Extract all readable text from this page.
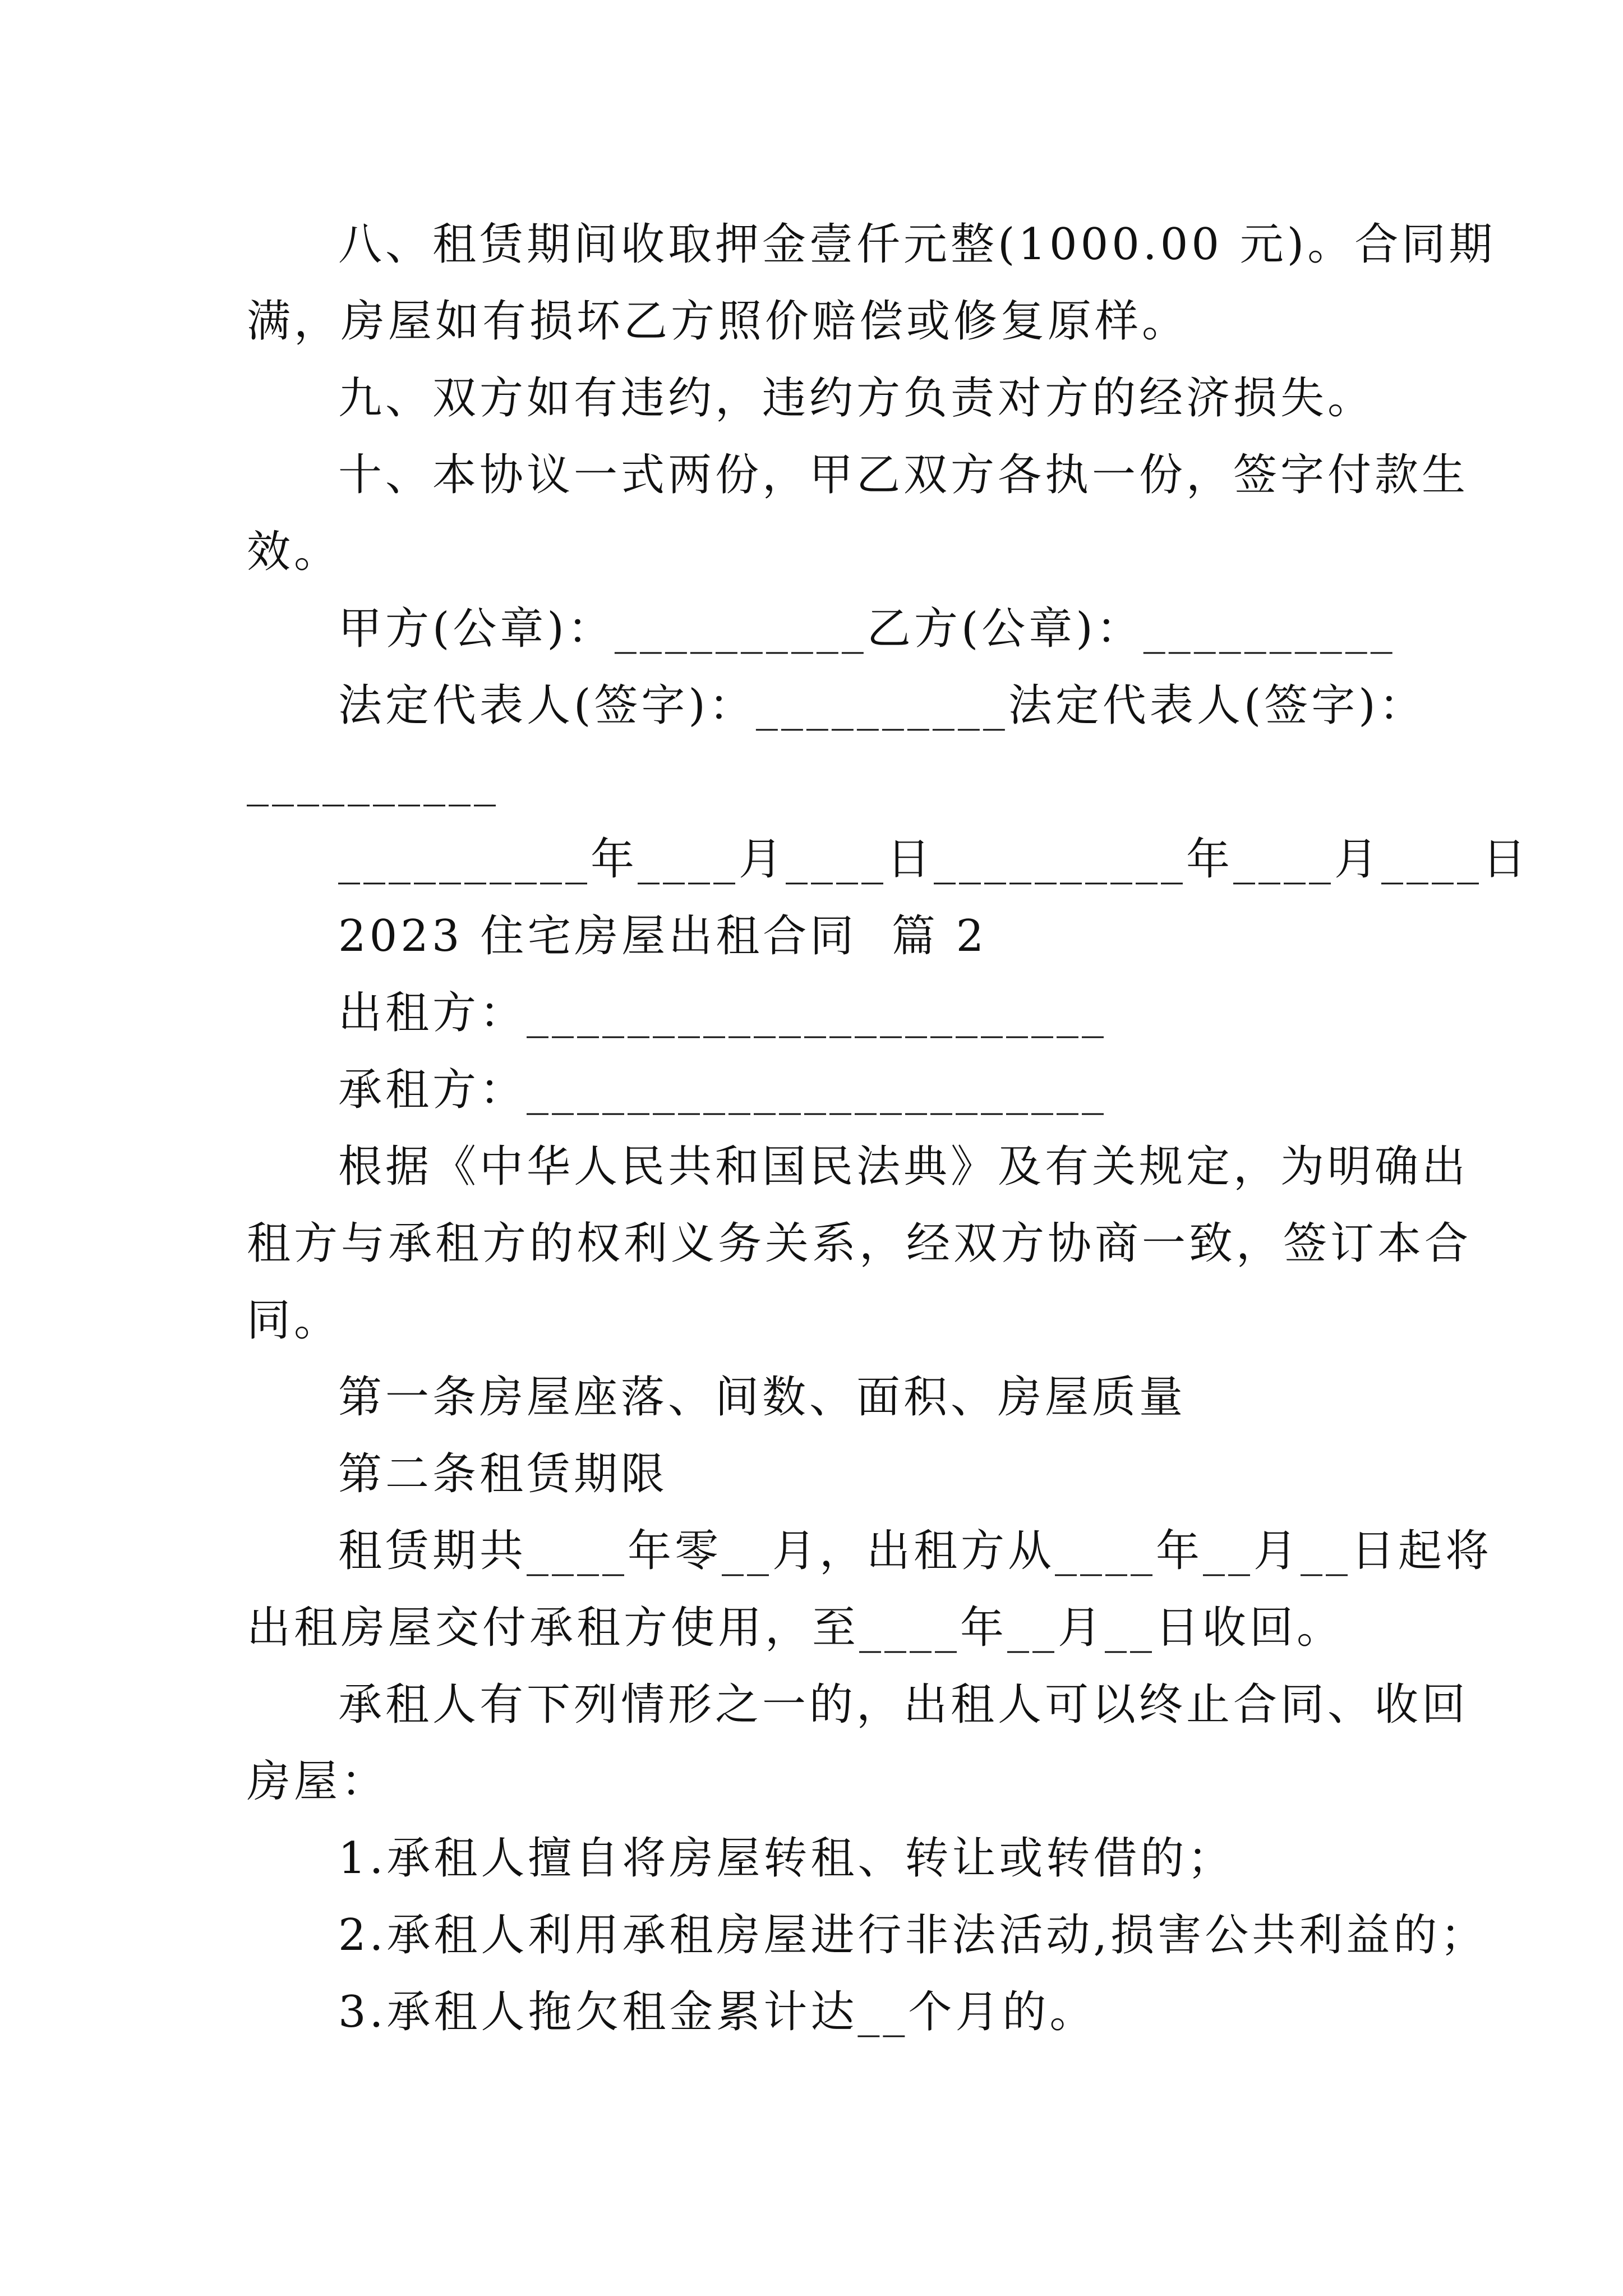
八、租赁期间收取押金壹仟元整(1000.00 元)。合同期
满，房屋如有损坏乙方照价赔偿或修复原样。
九、双方如有违约，违约方负责对方的经济损失。
十、本协议一式两份，甲乙双方各执一份，签字付款生
效。
甲方(公章)：__________乙方(公章)：__________
法定代表人(签字)：__________法定代表人(签字)：
__________
__________年____月____日__________年____月____日
2023 住宅房屋出租合同  篇 2
出租方：_______________________
承租方：_______________________
根据《中华人民共和国民法典》及有关规定，为明确出
租方与承租方的权利义务关系，经双方协商一致，签订本合
同。
第一条房屋座落、间数、面积、房屋质量
第二条租赁期限
租赁期共____年零__月，出租方从____年__月__日起将
出租房屋交付承租方使用，至____年__月__日收回。
承租人有下列情形之一的，出租人可以终止合同、收回
房屋：
1.承租人擅自将房屋转租、转让或转借的；
2.承租人利用承租房屋进行非法活动,损害公共利益的；
3.承租人拖欠租金累计达__个月的。
